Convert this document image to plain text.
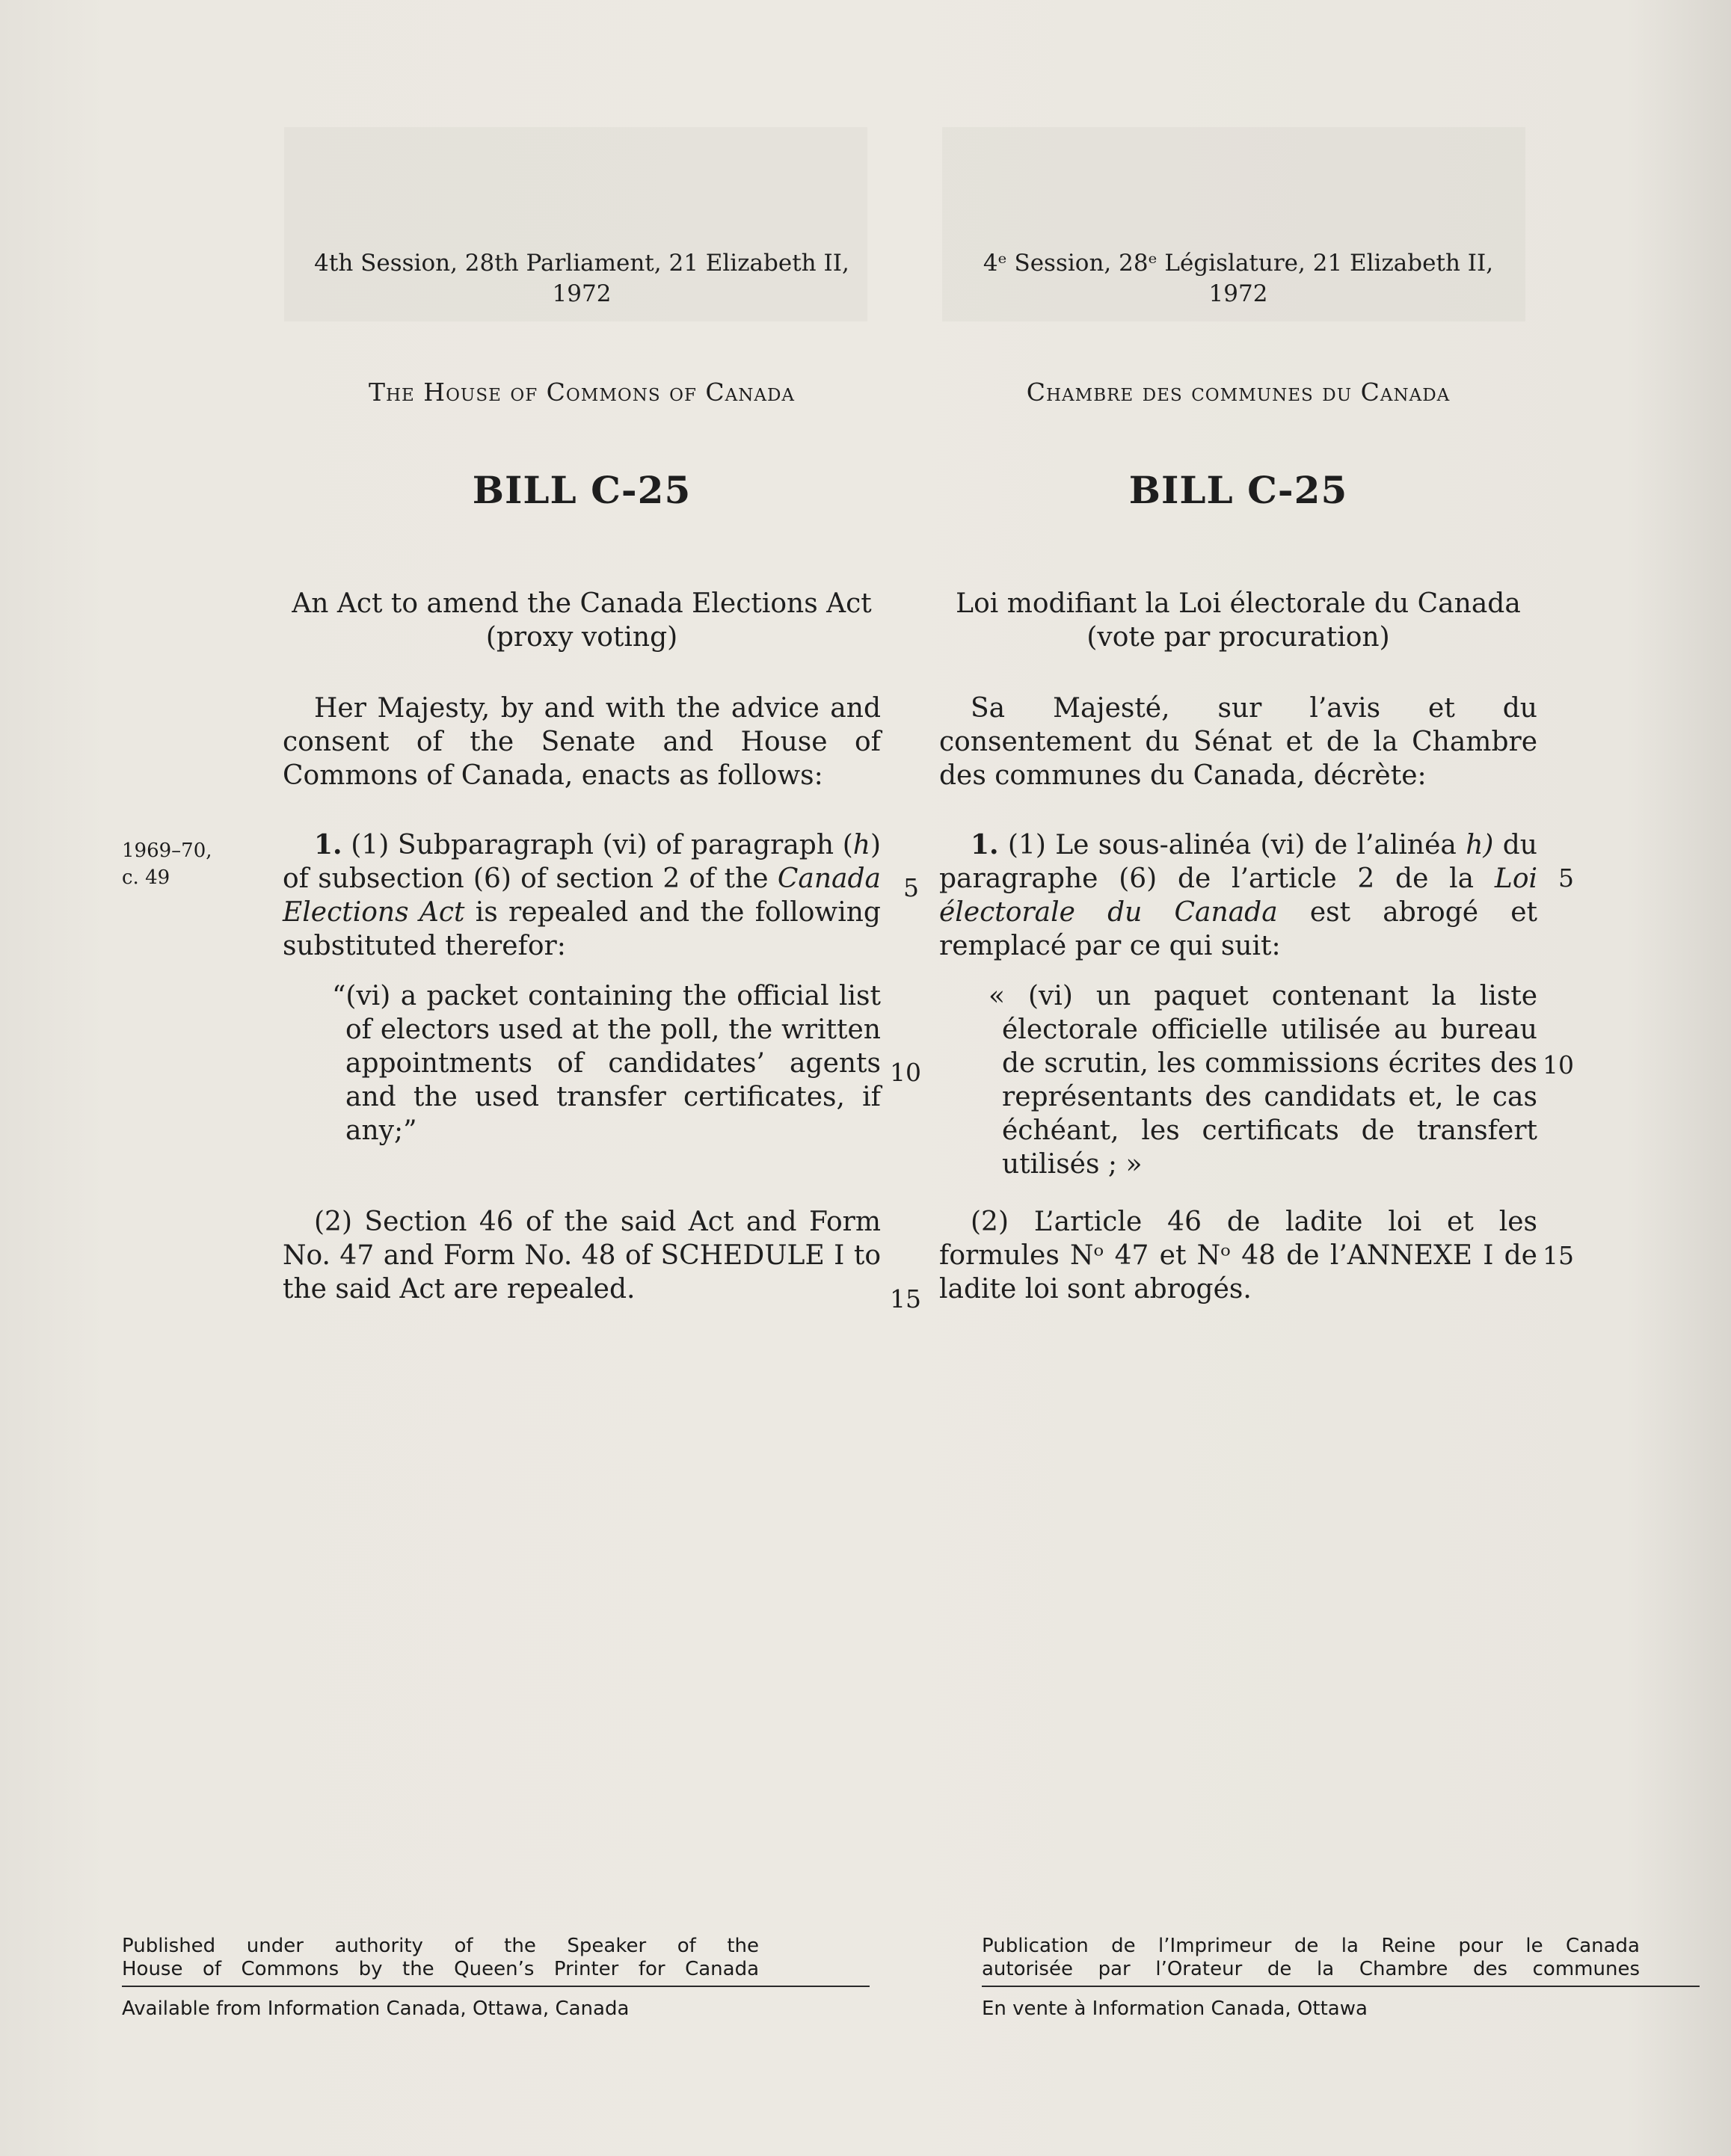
4th Session, 28th Parliament, 21 Elizabeth II,
1972
The House of Commons of Canada
BILL C-25
An Act to amend the Canada Elections Act
(proxy voting)
Her Majesty, by and with the advice and consent of the Senate and House of Commons of Canada, enacts as follows:
1. (1) Subparagraph (vi) of paragraph (h) of subsection (6) of section 2 of the Canada Elections Act is repealed and the following substituted therefor:
“(vi) a packet containing the official list of electors used at the poll, the written appointments of candidates’ agents and the used transfer certificates, if any;”
(2) Section 46 of the said Act and Form No. 47 and Form No. 48 of SCHEDULE I to the said Act are repealed.
1969–70,
c. 49	5
10
15
4ᵉ Session, 28ᵉ Législature, 21 Elizabeth II,
1972
Chambre des communes du Canada
BILL C-25
Loi modifiant la Loi électorale du Canada
(vote par procuration)
Sa Majesté, sur l’avis et du consentement du Sénat et de la Chambre des communes du Canada, décrète:
1. (1) Le sous-alinéa (vi) de l’alinéa h) du paragraphe (6) de l’article 2 de la Loi électorale du Canada est abrogé et remplacé par ce qui suit:
« (vi) un paquet contenant la liste électorale officielle utilisée au bureau de scrutin, les commissions écrites des représentants des candidats et, le cas échéant, les certificats de transfert utilisés ; »
(2) L’article 46 de ladite loi et les formules Nᵒ 47 et Nᵒ 48 de l’ANNEXE I de ladite loi sont abrogés.
5
10
15
Published under authority of the Speaker of the
House of Commons by the Queen’s Printer for Canada
Available from Information Canada, Ottawa, Canada
Publication de l’Imprimeur de la Reine pour le Canada
autorisée par l’Orateur de la Chambre des communes
En vente à Information Canada, Ottawa
